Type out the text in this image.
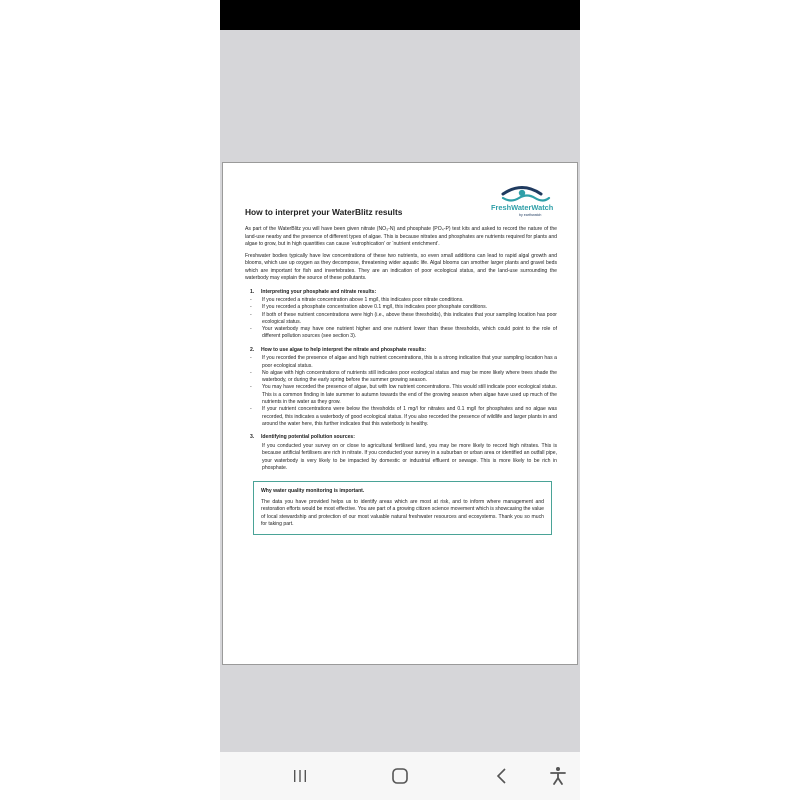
FreshWaterWatch
by earthwatch
How to interpret your WaterBlitz results

As part of the WaterBlitz you will have been given nitrate (NO₃-N) and phosphate (PO₄-P) test kits and asked to record the nature of the land-use nearby and the presence of different types of algae. This is because nitrates and phosphates are nutrients required for plants and algae to grow, but in high quantities can cause ‘eutrophication’ or ‘nutrient enrichment’.

Freshwater bodies typically have low concentrations of these two nutrients, so even small additions can lead to rapid algal growth and blooms, which use up oxygen as they decompose, threatening wider aquatic life. Algal blooms can smother larger plants and gravel beds which are important for fish and invertebrates. They are an indication of poor ecological status, and the land-use surrounding the waterbody may explain the source of these pollutants.

1. Interpreting your phosphate and nitrate results:
- If you recorded a nitrate concentration above 1 mg/l, this indicates poor nitrate conditions.
- If you recorded a phosphate concentration above 0.1 mg/l, this indicates poor phosphate conditions.
- If both of these nutrient concentrations were high (i.e., above these thresholds), this indicates that your sampling location has poor ecological status.
- Your waterbody may have one nutrient higher and one nutrient lower than these thresholds, which could point to the role of different pollution sources (see section 3).
2. How to use algae to help interpret the nitrate and phosphate results:
- If you recorded the presence of algae and high nutrient concentrations, this is a strong indication that your sampling location has a poor ecological status.
- No algae with high concentrations of nutrients still indicates poor ecological status and may be more likely where trees shade the waterbody, or during the early spring before the summer growing season.
- You may have recorded the presence of algae, but with low nutrient concentrations. This would still indicate poor ecological status. This is a common finding in late summer to autumn towards the end of the growing season when algae have used up much of the nutrients in the water as they grow.
- If your nutrient concentrations were below the thresholds of 1 mg/l for nitrates and 0.1 mg/l for phosphates and no algae was recorded, this indicates a waterbody of good ecological status. If you also recorded the presence of wildlife and larger plants in and around the water here, this further indicates that this waterbody is healthy.
3. Identifying potential pollution sources:

If you conducted your survey on or close to agricultural fertilised land, you may be more likely to record high nitrates. This is because artificial fertilisers are rich in nitrate. If you conducted your survey in a suburban or urban area or identified an outfall pipe, your waterbody is very likely to be impacted by domestic or industrial effluent or sewage. This is more likely to be rich in phosphate.

Why water quality monitoring is important.

The data you have provided helps us to identify areas which are most at risk, and to inform where management and restoration efforts would be most effective. You are part of a growing citizen science movement which is showcasing the value of local stewardship and protection of our most valuable natural freshwater resources and ecosystems. Thank you so much for taking part.
